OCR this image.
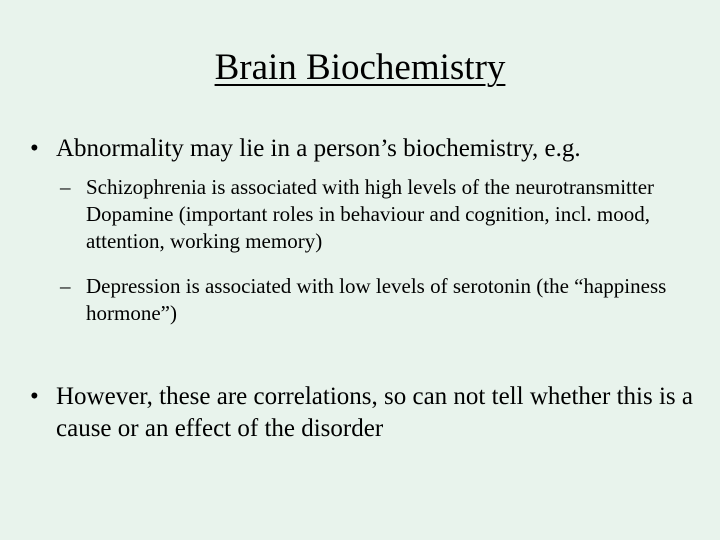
Brain Biochemistry
• Abnormality may lie in a person’s biochemistry, e.g.
– Schizophrenia is associated with high levels of the neurotransmitter Dopamine (important roles in behaviour and cognition, incl. mood, attention, working memory)
– Depression is associated with low levels of serotonin (the “happiness hormone”)
• However, these are correlations, so can not tell whether this is a cause or an effect of the disorder
